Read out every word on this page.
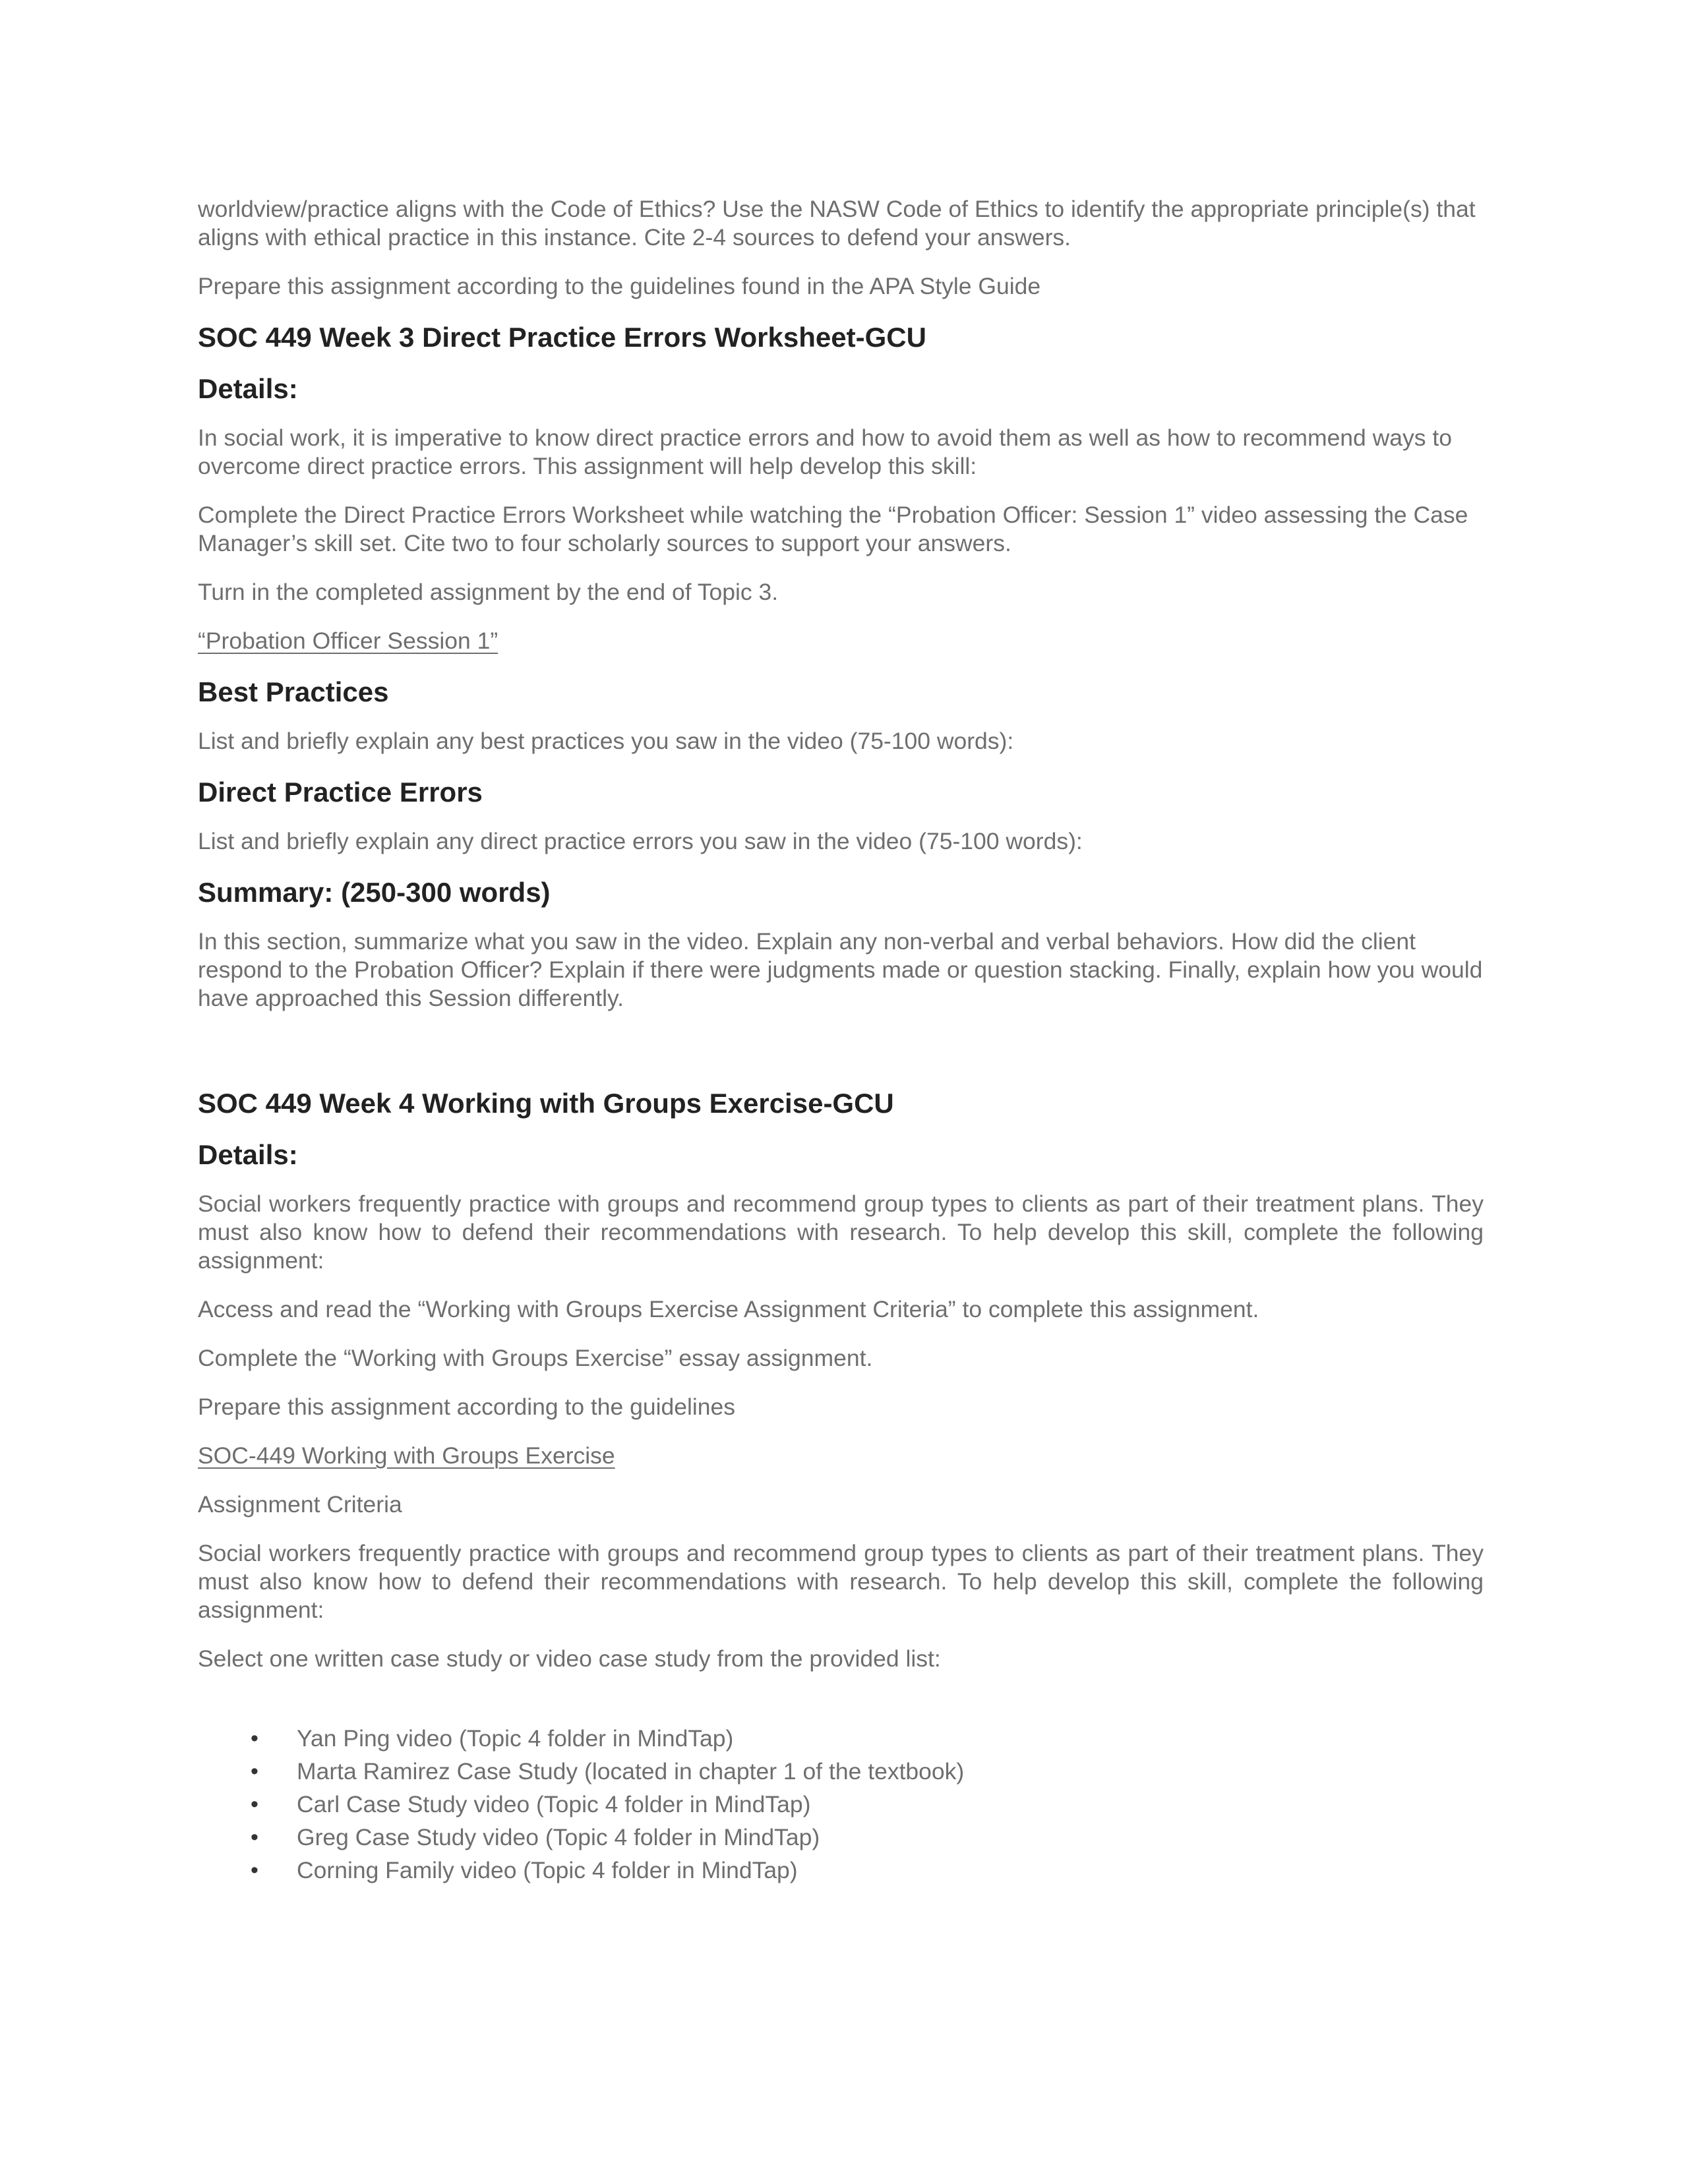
worldview/practice aligns with the Code of Ethics? Use the NASW Code of Ethics to identify the appropriate principle(s) that aligns with ethical practice in this instance. Cite 2-4 sources to defend your answers.

Prepare this assignment according to the guidelines found in the APA Style Guide

SOC 449 Week 3 Direct Practice Errors Worksheet-GCU
Details:

In social work, it is imperative to know direct practice errors and how to avoid them as well as how to recommend ways to overcome direct practice errors. This assignment will help develop this skill:

Complete the Direct Practice Errors Worksheet while watching the “Probation Officer: Session 1” video assessing the Case Manager’s skill set. Cite two to four scholarly sources to support your answers.

Turn in the completed assignment by the end of Topic 3.

“Probation Officer Session 1”

Best Practices

List and briefly explain any best practices you saw in the video (75-100 words):

Direct Practice Errors

List and briefly explain any direct practice errors you saw in the video (75-100 words):

Summary: (250-300 words)

In this section, summarize what you saw in the video. Explain any non-verbal and verbal behaviors. How did the client respond to the Probation Officer? Explain if there were judgments made or question stacking. Finally, explain how you would have approached this Session differently.

SOC 449 Week 4 Working with Groups Exercise-GCU
Details:

Social workers frequently practice with groups and recommend group types to clients as part of their treatment plans. They must also know how to defend their recommendations with research. To help develop this skill, complete the following assignment:

Access and read the “Working with Groups Exercise Assignment Criteria” to complete this assignment.

Complete the “Working with Groups Exercise” essay assignment.

Prepare this assignment according to the guidelines

SOC-449 Working with Groups Exercise

Assignment Criteria

Social workers frequently practice with groups and recommend group types to clients as part of their treatment plans. They must also know how to defend their recommendations with research. To help develop this skill, complete the following assignment:

Select one written case study or video case study from the provided list:

• Yan Ping video (Topic 4 folder in MindTap)
• Marta Ramirez Case Study (located in chapter 1 of the textbook)
• Carl Case Study video (Topic 4 folder in MindTap)
• Greg Case Study video (Topic 4 folder in MindTap)
• Corning Family video (Topic 4 folder in MindTap)
